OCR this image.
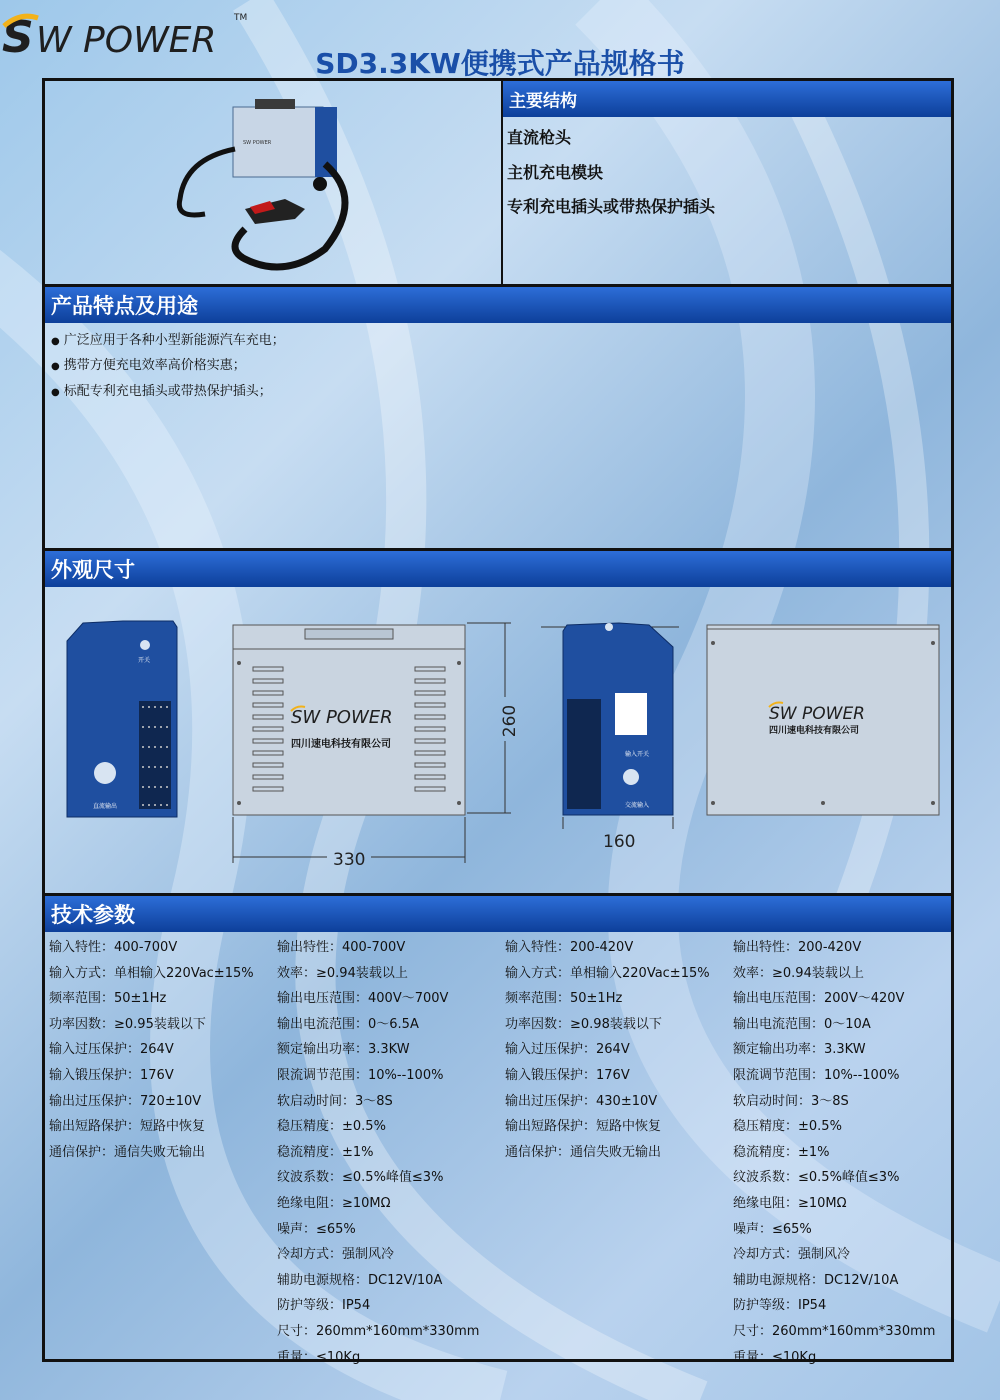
S W POWER
TM
SD3.3KW便携式产品规格书
SW POWER
主要结构
直流枪头
主机充电模块
专利充电插头或带热保护插头
产品特点及用途
● 广泛应用于各种小型新能源汽车充电；
● 携带方便充电效率高价格实惠；
● 标配专利充电插头或带热保护插头；
外观尺寸
开关
直流输出
SW POWER
四川速电科技有限公司
330
260
输入开关
交流输入
160
SW POWER
四川速电科技有限公司
技术参数
输入特性：400-700V
输入方式：单相输入220Vac±15%
频率范围：50±1Hz
功率因数：≥0.95装载以下
输入过压保护：264V
输入锻压保护：176V
输出过压保护：720±10V
输出短路保护：短路中恢复
通信保护：通信失败无输出
输出特性：400-700V
效率：≥0.94装载以上
输出电压范围：400V～700V
输出电流范围：0～6.5A
额定输出功率：3.3KW
限流调节范围：10%--100%
软启动时间：3～8S
稳压精度：±0.5%
稳流精度：±1%
纹波系数：≤0.5%峰值≤3%
绝缘电阻：≥10MΩ
噪声：≤65%
冷却方式：强制风冷
辅助电源规格：DC12V/10A
防护等级：IP54
尺寸：260mm*160mm*330mm
重量：≤10Kg
输入特性：200-420V
输入方式：单相输入220Vac±15%
频率范围：50±1Hz
功率因数：≥0.98装载以下
输入过压保护：264V
输入锻压保护：176V
输出过压保护：430±10V
输出短路保护：短路中恢复
通信保护：通信失败无输出
输出特性：200-420V
效率：≥0.94装载以上
输出电压范围：200V～420V
输出电流范围：0～10A
额定输出功率：3.3KW
限流调节范围：10%--100%
软启动时间：3～8S
稳压精度：±0.5%
稳流精度：±1%
纹波系数：≤0.5%峰值≤3%
绝缘电阻：≥10MΩ
噪声：≤65%
冷却方式：强制风冷
辅助电源规格：DC12V/10A
防护等级：IP54
尺寸：260mm*160mm*330mm
重量：≤10Kg
